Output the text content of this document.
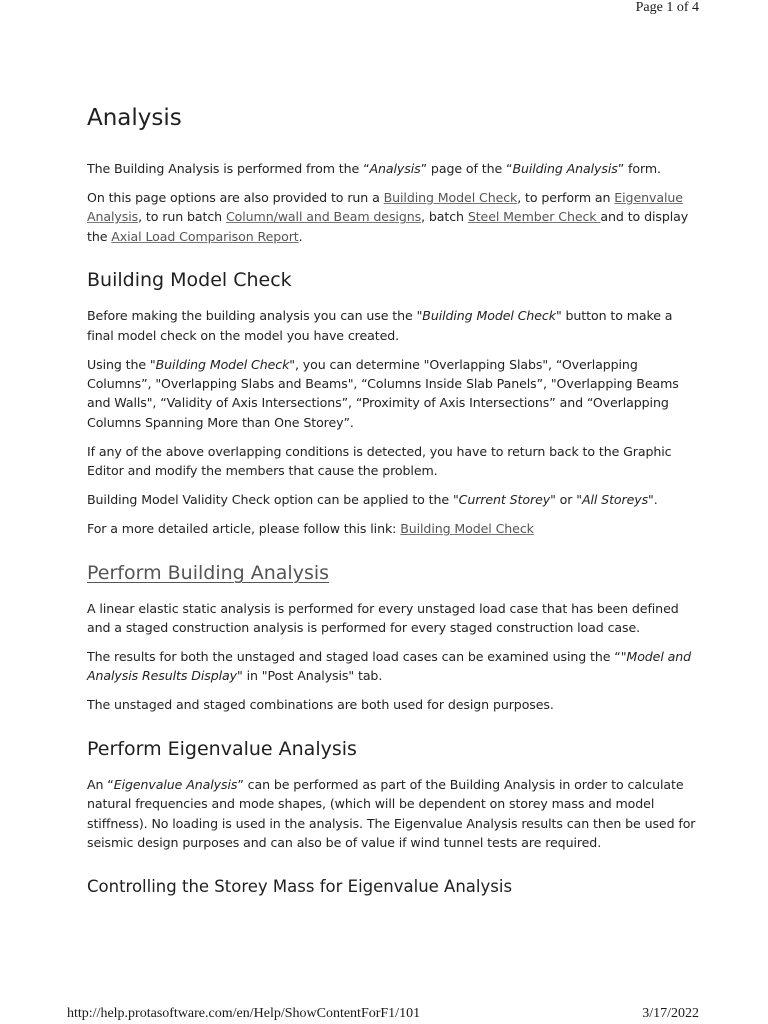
Page 1 of 4
Analysis

The Building Analysis is performed from the “Analysis” page of the “Building Analysis” form.

On this page options are also provided to run a Building Model Check, to perform an Eigenvalue Analysis, to run batch Column/wall and Beam designs, batch Steel Member Check and to display the Axial Load Comparison Report.

Building Model Check

Before making the building analysis you can use the "Building Model Check" button to make a final model check on the model you have created.

Using the "Building Model Check", you can determine "Overlapping Slabs", “Overlapping Columns”, "Overlapping Slabs and Beams", “Columns Inside Slab Panels”, "Overlapping Beams and Walls", “Validity of Axis Intersections”, “Proximity of Axis Intersections” and “Overlapping Columns Spanning More than One Storey”.

If any of the above overlapping conditions is detected, you have to return back to the Graphic Editor and modify the members that cause the problem.

Building Model Validity Check option can be applied to the "Current Storey" or "All Storeys".

For a more detailed article, please follow this link: Building Model Check

Perform Building Analysis

A linear elastic static analysis is performed for every unstaged load case that has been defined and a staged construction analysis is performed for every staged construction load case.

The results for both the unstaged and staged load cases can be examined using the “"Model and Analysis Results Display" in "Post Analysis" tab.

The unstaged and staged combinations are both used for design purposes.

Perform Eigenvalue Analysis

An “Eigenvalue Analysis” can be performed as part of the Building Analysis in order to calculate natural frequencies and mode shapes, (which will be dependent on storey mass and model stiffness). No loading is used in the analysis. The Eigenvalue Analysis results can then be used for seismic design purposes and can also be of value if wind tunnel tests are required.

Controlling the Storey Mass for Eigenvalue Analysis
http://help.protasoftware.com/en/Help/ShowContentForF1/101	3/17/2022
